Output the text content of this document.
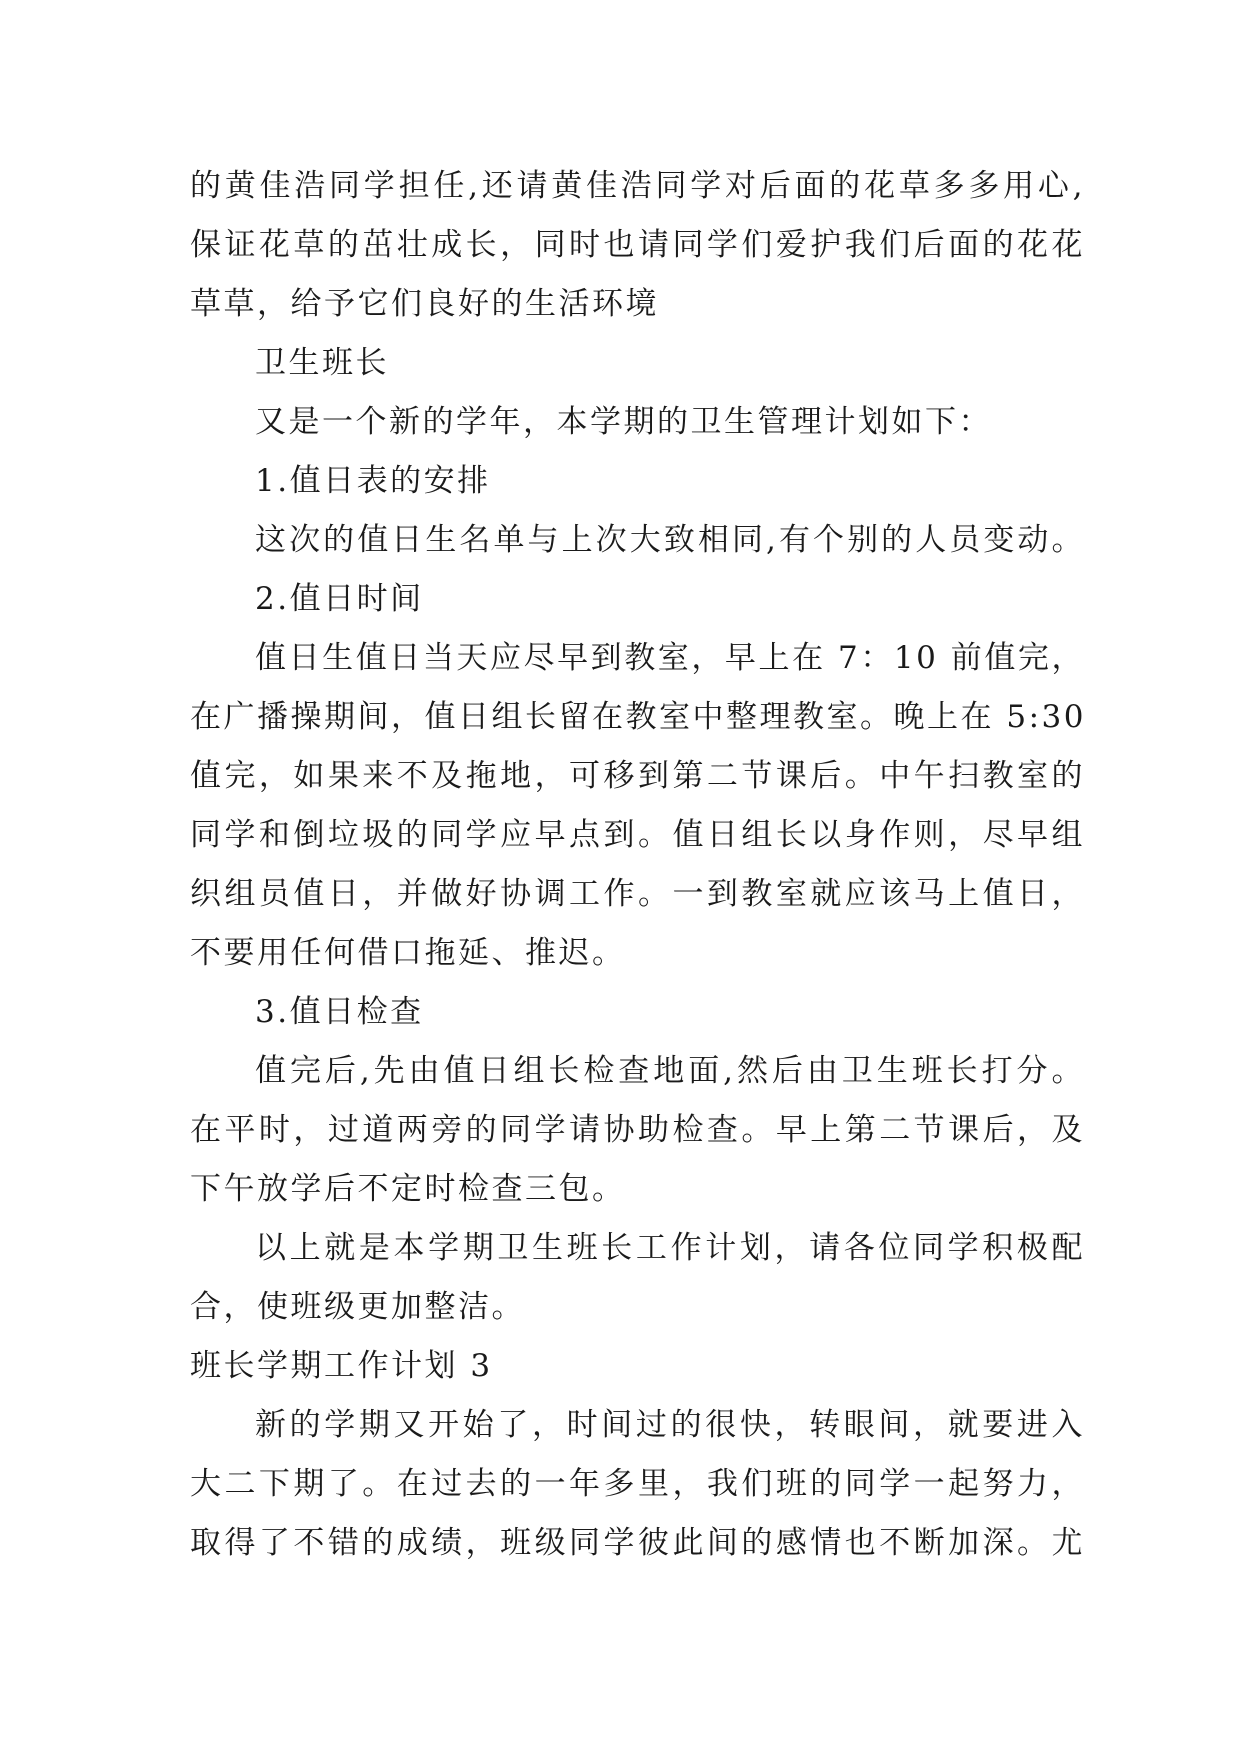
的黄佳浩同学担任,还请黄佳浩同学对后面的花草多多用心,
保证花草的茁壮成长，同时也请同学们爱护我们后面的花花
草草，给予它们良好的生活环境
卫生班长
又是一个新的学年，本学期的卫生管理计划如下：
1.值日表的安排
这次的值日生名单与上次大致相同,有个别的人员变动。
2.值日时间
值日生值日当天应尽早到教室，早上在 7：10 前值完，
在广播操期间，值日组长留在教室中整理教室。晚上在 5:30
值完，如果来不及拖地，可移到第二节课后。中午扫教室的
同学和倒垃圾的同学应早点到。值日组长以身作则，尽早组
织组员值日，并做好协调工作。一到教室就应该马上值日，
不要用任何借口拖延、推迟。
3.值日检查
值完后,先由值日组长检查地面,然后由卫生班长打分。
在平时，过道两旁的同学请协助检查。早上第二节课后，及
下午放学后不定时检查三包。
以上就是本学期卫生班长工作计划，请各位同学积极配
合，使班级更加整洁。
班长学期工作计划 3
新的学期又开始了，时间过的很快，转眼间，就要进入
大二下期了。在过去的一年多里，我们班的同学一起努力，
取得了不错的成绩，班级同学彼此间的感情也不断加深。尤
